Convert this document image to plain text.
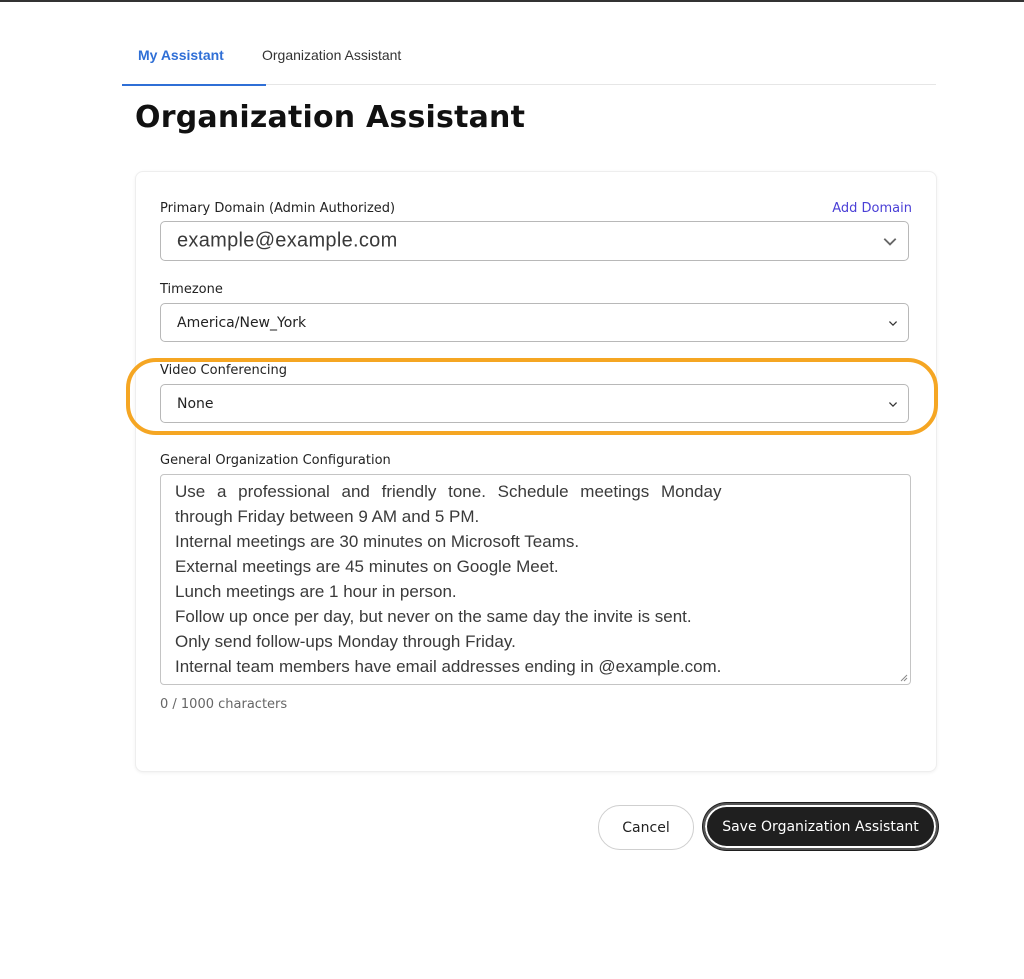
My Assistant	Organization Assistant
Organization Assistant
Primary Domain (Admin Authorized)	Add Domain
example@example.com
Timezone
America/New_York
Video Conferencing
None
General Organization Configuration
Use a professional and friendly tone. Schedule meetings Monday
through Friday between 9 AM and 5 PM.
Internal meetings are 30 minutes on Microsoft Teams.
External meetings are 45 minutes on Google Meet.
Lunch meetings are 1 hour in person.
Follow up once per day, but never on the same day the invite is sent.
Only send follow-ups Monday through Friday.
Internal team members have email addresses ending in @example.com.
0 / 1000 characters
Cancel	Save Organization Assistant
